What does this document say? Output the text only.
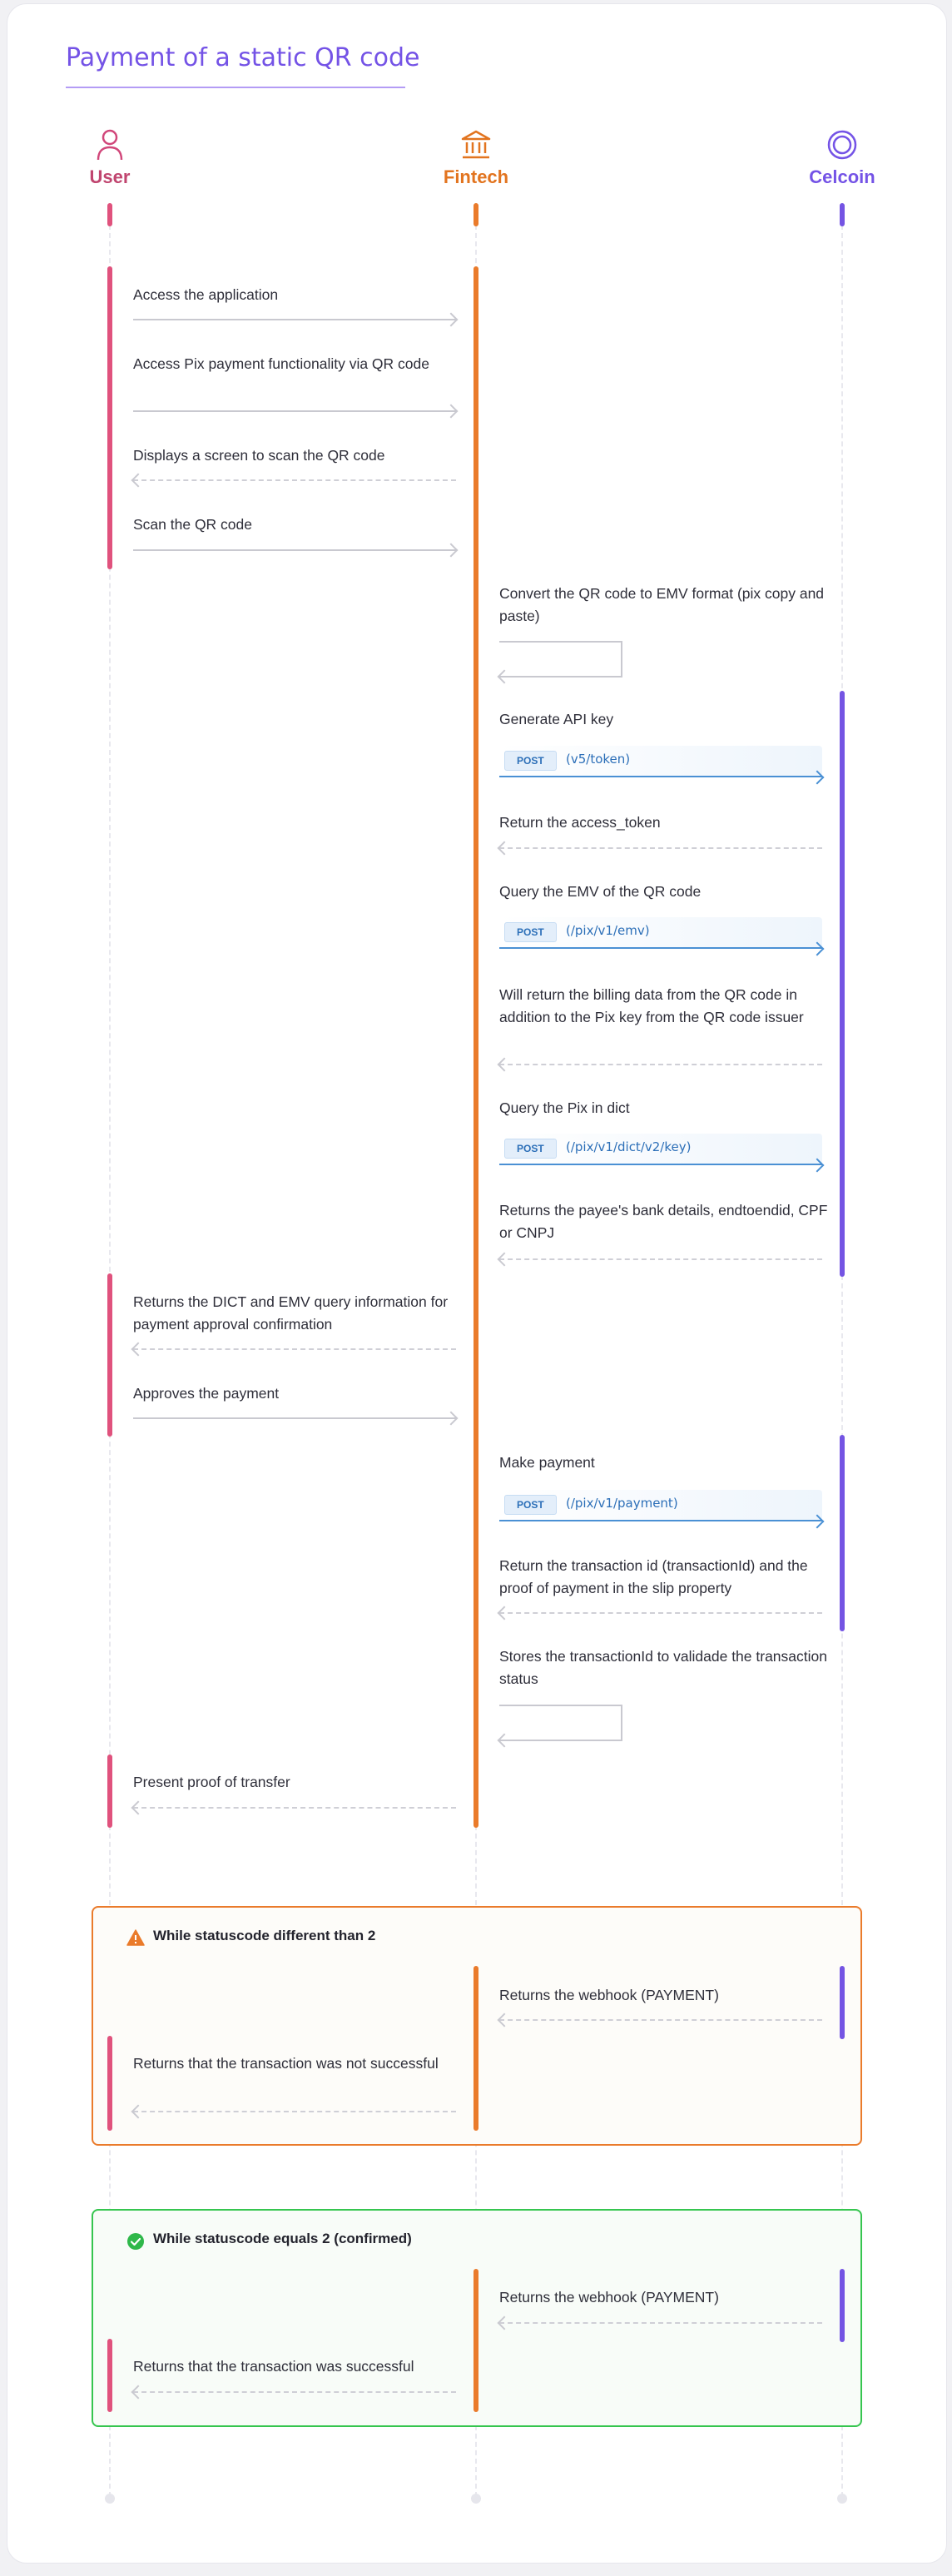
Payment of a static QR code
User	Fintech	Celcoin
Access the application
Access Pix payment functionality via QR code
Displays a screen to scan the QR code
Scan the QR code
Convert the QR code to EMV format (pix copy and paste)
Generate API key
POST	(v5/token)
Return the access_token
Query the EMV of the QR code
POST	(/pix/v1/emv)
Will return the billing data from the QR code in addition to the Pix key from the QR code issuer
Query the Pix in dict
POST	(/pix/v1/dict/v2/key)
Returns the payee's bank details, endtoendid, CPF or CNPJ
Returns the DICT and EMV query information for payment approval confirmation
Approves the payment
Make payment
POST	(/pix/v1/payment)
Return the transaction id (transactionId) and the proof of payment in the slip property
Stores the transactionId to validade the transaction status
Present proof of transfer
While statuscode different than 2
Returns the webhook (PAYMENT)
Returns that the transaction was not successful
While statuscode equals 2 (confirmed)
Returns the webhook (PAYMENT)
Returns that the transaction was successful
